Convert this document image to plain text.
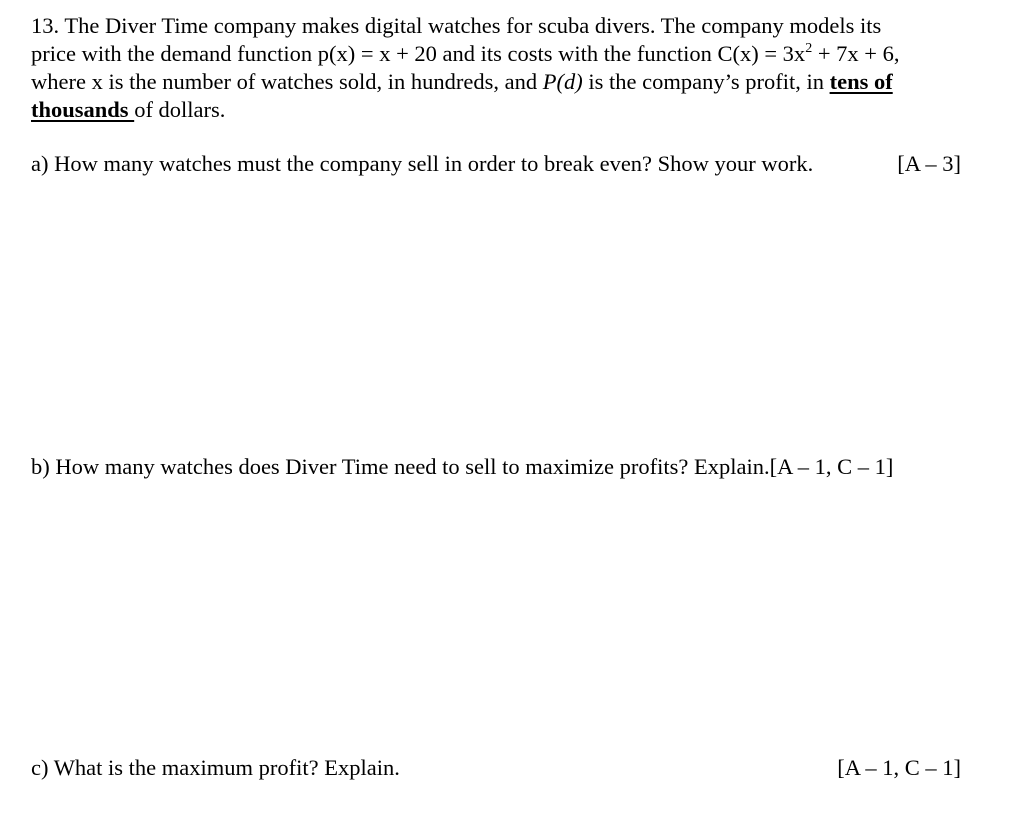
13. The Diver Time company makes digital watches for scuba divers. The company models its
price with the demand function p(x) = x + 20 and its costs with the function $C(x) = 3x^2 + 7x + 6$,
where x is the number of watches sold, in hundreds, and P(d) is the company’s profit, in tens of
thousands of dollars.
a) How many watches must the company sell in order to break even? Show your work.	[A – 3]
b) How many watches does Diver Time need to sell to maximize profits? Explain.[A – 1, C – 1]
c) What is the maximum profit? Explain.	[A – 1, C – 1]
